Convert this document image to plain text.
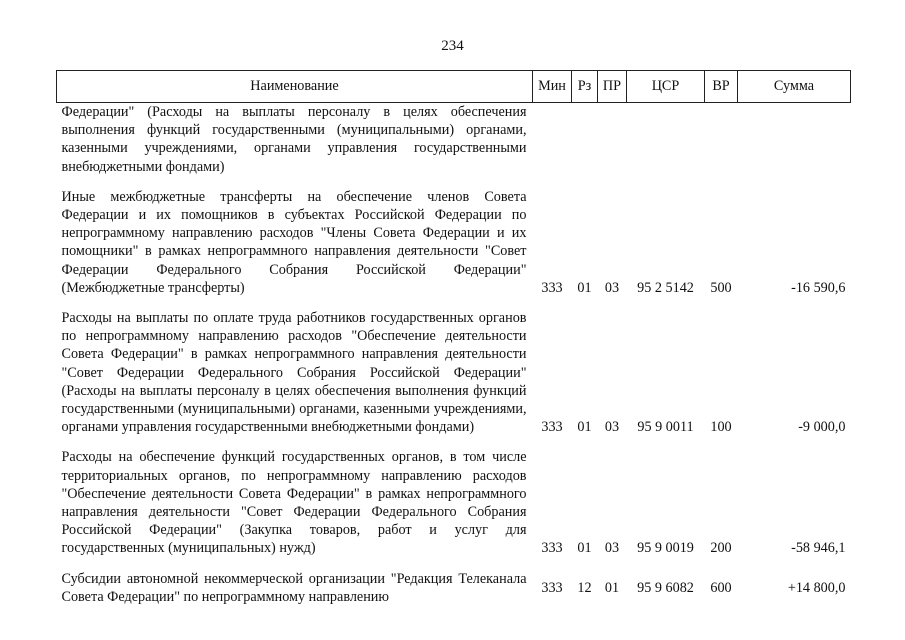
234
Наименование	Мин	Рз	ПР	ЦСР	ВР	Сумма
Федерации" (Расходы на выплаты персоналу в целях обеспечения выполнения функций государственными (муниципальными) органами, казенными учреждениями, органами управления государственными внебюджетными фондами)						

Иные межбюджетные трансферты на обеспечение членов Совета Федерации и их помощников в субъектах Российской Федерации по непрограммному направлению расходов "Члены Совета Федерации и их помощники" в рамках непрограммного направления деятельности "Совет Федерации Федерального Собрания Российской Федерации" (Межбюджетные трансферты)	333	01	03	95 2 5142	500	-16 590,6

Расходы на выплаты по оплате труда работников государственных органов по непрограммному направлению расходов "Обеспечение деятельности Совета Федерации" в рамках непрограммного направления деятельности "Совет Федерации Федерального Собрания Российской Федерации" (Расходы на выплаты персоналу в целях обеспечения выполнения функций государственными (муниципальными) органами, казенными учреждениями, органами управления государственными внебюджетными фондами)	333	01	03	95 9 0011	100	-9 000,0

Расходы на обеспечение функций государственных органов, в том числе территориальных органов, по непрограммному направлению расходов "Обеспечение деятельности Совета Федерации" в рамках непрограммного направления деятельности "Совет Федерации Федерального Собрания Российской Федерации" (Закупка товаров, работ и услуг для государственных (муниципальных) нужд)	333	01	03	95 9 0019	200	-58 946,1

Субсидии автономной некоммерческой организации "Редакция Телеканала Совета Федерации" по непрограммному направлению	333	12	01	95 9 6082	600	+14 800,0
